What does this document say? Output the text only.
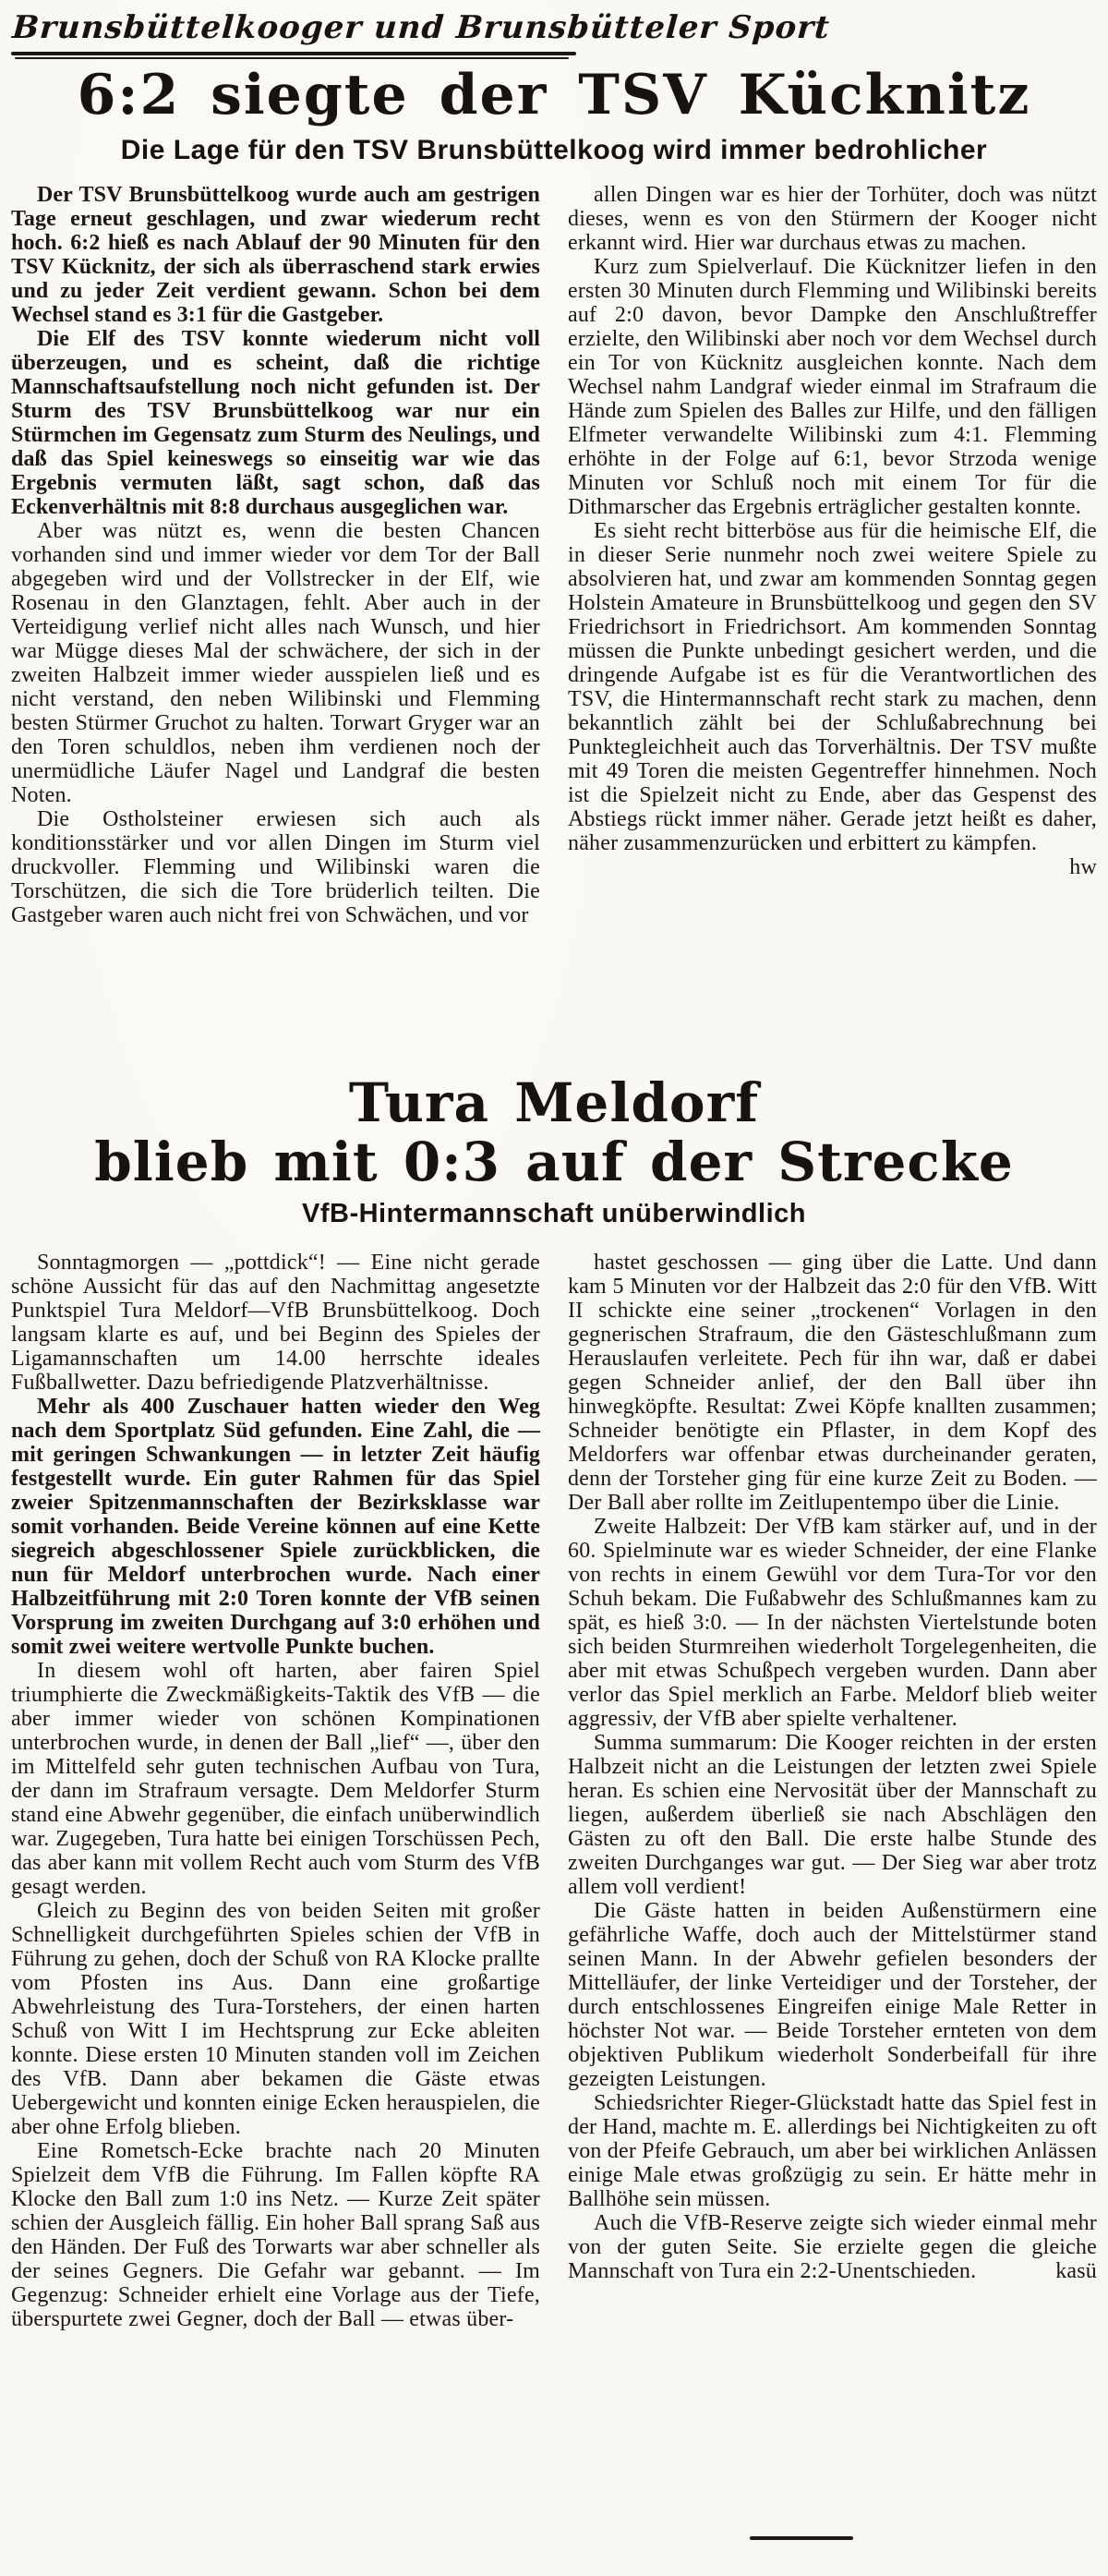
Brunsbüttelkooger und Brunsbütteler Sport
6:2 siegte der TSV Kücknitz
Die Lage für den TSV Brunsbüttelkoog wird immer bedrohlicher

Der TSV Brunsbüttelkoog wurde auch am gestrigen Tage erneut geschlagen, und zwar wiederum recht hoch. 6:2 hieß es nach Ablauf der 90 Minuten für den TSV Kücknitz, der sich als überraschend stark erwies und zu jeder Zeit verdient gewann. Schon bei dem Wechsel stand es 3:1 für die Gastgeber.

Die Elf des TSV konnte wiederum nicht voll überzeugen, und es scheint, daß die richtige Mannschaftsaufstellung noch nicht gefunden ist. Der Sturm des TSV Brunsbüttelkoog war nur ein Stürmchen im Gegensatz zum Sturm des Neulings, und daß das Spiel keineswegs so einseitig war wie das Ergebnis vermuten läßt, sagt schon, daß das Eckenverhältnis mit 8:8 durchaus ausgeglichen war.

Aber was nützt es, wenn die besten Chancen vorhanden sind und immer wieder vor dem Tor der Ball abgegeben wird und der Vollstrecker in der Elf, wie Rosenau in den Glanztagen, fehlt. Aber auch in der Verteidigung verlief nicht alles nach Wunsch, und hier war Mügge dieses Mal der schwächere, der sich in der zweiten Halbzeit immer wieder ausspielen ließ und es nicht verstand, den neben Wilibinski und Flemming besten Stürmer Gruchot zu halten. Torwart Gryger war an den Toren schuldlos, neben ihm verdienen noch der unermüdliche Läufer Nagel und Landgraf die besten Noten.

Die Ostholsteiner erwiesen sich auch als konditionsstärker und vor allen Dingen im Sturm viel druckvoller. Flemming und Wilibinski waren die Torschützen, die sich die Tore brüderlich teilten. Die Gastgeber waren auch nicht frei von Schwächen, und vor

allen Dingen war es hier der Torhüter, doch was nützt dieses, wenn es von den Stürmern der Kooger nicht erkannt wird. Hier war durchaus etwas zu machen.

Kurz zum Spielverlauf. Die Kücknitzer liefen in den ersten 30 Minuten durch Flemming und Wilibinski bereits auf 2:0 davon, bevor Dampke den Anschlußtreffer erzielte, den Wilibinski aber noch vor dem Wechsel durch ein Tor von Kücknitz ausgleichen konnte. Nach dem Wechsel nahm Landgraf wieder einmal im Strafraum die Hände zum Spielen des Balles zur Hilfe, und den fälligen Elfmeter verwandelte Wilibinski zum 4:1. Flemming erhöhte in der Folge auf 6:1, bevor Strzoda wenige Minuten vor Schluß noch mit einem Tor für die Dithmarscher das Ergebnis erträglicher gestalten konnte.

Es sieht recht bitterböse aus für die heimische Elf, die in dieser Serie nunmehr noch zwei weitere Spiele zu absolvieren hat, und zwar am kommenden Sonntag gegen Holstein Amateure in Brunsbüttelkoog und gegen den SV Friedrichsort in Friedrichsort. Am kommenden Sonntag müssen die Punkte unbedingt gesichert werden, und die dringende Aufgabe ist es für die Verantwortlichen des TSV, die Hintermannschaft recht stark zu machen, denn bekanntlich zählt bei der Schlußabrechnung bei Punktegleichheit auch das Torverhältnis. Der TSV mußte mit 49 Toren die meisten Gegentreffer hinnehmen. Noch ist die Spielzeit nicht zu Ende, aber das Gespenst des Abstiegs rückt immer näher. Gerade jetzt heißt es daher, näher zusammenzurücken und erbittert zu kämpfen.
hw

Tura Meldorf
blieb mit 0:3 auf der Strecke
VfB-Hintermannschaft unüberwindlich

Sonntagmorgen — „pottdick“! — Eine nicht gerade schöne Aussicht für das auf den Nachmittag angesetzte Punktspiel Tura Meldorf—VfB Brunsbüttelkoog. Doch langsam klarte es auf, und bei Beginn des Spieles der Ligamannschaften um 14.00 herrschte ideales Fußballwetter. Dazu befriedigende Platzverhältnisse.

Mehr als 400 Zuschauer hatten wieder den Weg nach dem Sportplatz Süd gefunden. Eine Zahl, die — mit geringen Schwankungen — in letzter Zeit häufig festgestellt wurde. Ein guter Rahmen für das Spiel zweier Spitzenmannschaften der Bezirksklasse war somit vorhanden. Beide Vereine können auf eine Kette siegreich abgeschlossener Spiele zurückblicken, die nun für Meldorf unterbrochen wurde. Nach einer Halbzeitführung mit 2:0 Toren konnte der VfB seinen Vorsprung im zweiten Durchgang auf 3:0 erhöhen und somit zwei weitere wertvolle Punkte buchen.

In diesem wohl oft harten, aber fairen Spiel triumphierte die Zweckmäßigkeits-Taktik des VfB — die aber immer wieder von schönen Kompinationen unterbrochen wurde, in denen der Ball „lief“ —, über den im Mittelfeld sehr guten technischen Aufbau von Tura, der dann im Strafraum versagte. Dem Meldorfer Sturm stand eine Abwehr gegenüber, die einfach unüberwindlich war. Zugegeben, Tura hatte bei einigen Torschüssen Pech, das aber kann mit vollem Recht auch vom Sturm des VfB gesagt werden.

Gleich zu Beginn des von beiden Seiten mit großer Schnelligkeit durchgeführten Spieles schien der VfB in Führung zu gehen, doch der Schuß von RA Klocke prallte vom Pfosten ins Aus. Dann eine großartige Abwehrleistung des Tura-Torstehers, der einen harten Schuß von Witt I im Hechtsprung zur Ecke ableiten konnte. Diese ersten 10 Minuten standen voll im Zeichen des VfB. Dann aber bekamen die Gäste etwas Uebergewicht und konnten einige Ecken herauspielen, die aber ohne Erfolg blieben.

Eine Rometsch-Ecke brachte nach 20 Minuten Spielzeit dem VfB die Führung. Im Fallen köpfte RA Klocke den Ball zum 1:0 ins Netz. — Kurze Zeit später schien der Ausgleich fällig. Ein hoher Ball sprang Saß aus den Händen. Der Fuß des Torwarts war aber schneller als der seines Gegners. Die Gefahr war gebannt. — Im Gegenzug: Schneider erhielt eine Vorlage aus der Tiefe, überspurtete zwei Gegner, doch der Ball — etwas über-

hastet geschossen — ging über die Latte. Und dann kam 5 Minuten vor der Halbzeit das 2:0 für den VfB. Witt II schickte eine seiner „trockenen“ Vorlagen in den gegnerischen Strafraum, die den Gästeschlußmann zum Herauslaufen verleitete. Pech für ihn war, daß er dabei gegen Schneider anlief, der den Ball über ihn hinwegköpfte. Resultat: Zwei Köpfe knallten zusammen; Schneider benötigte ein Pflaster, in dem Kopf des Meldorfers war offenbar etwas durcheinander geraten, denn der Torsteher ging für eine kurze Zeit zu Boden. — Der Ball aber rollte im Zeitlupentempo über die Linie.

Zweite Halbzeit: Der VfB kam stärker auf, und in der 60. Spielminute war es wieder Schneider, der eine Flanke von rechts in einem Gewühl vor dem Tura-Tor vor den Schuh bekam. Die Fußabwehr des Schlußmannes kam zu spät, es hieß 3:0. — In der nächsten Viertelstunde boten sich beiden Sturmreihen wiederholt Torgelegenheiten, die aber mit etwas Schußpech vergeben wurden. Dann aber verlor das Spiel merklich an Farbe. Meldorf blieb weiter aggressiv, der VfB aber spielte verhaltener.

Summa summarum: Die Kooger reichten in der ersten Halbzeit nicht an die Leistungen der letzten zwei Spiele heran. Es schien eine Nervosität über der Mannschaft zu liegen, außerdem überließ sie nach Abschlägen den Gästen zu oft den Ball. Die erste halbe Stunde des zweiten Durchganges war gut. — Der Sieg war aber trotz allem voll verdient!

Die Gäste hatten in beiden Außenstürmern eine gefährliche Waffe, doch auch der Mittelstürmer stand seinen Mann. In der Abwehr gefielen besonders der Mittelläufer, der linke Verteidiger und der Torsteher, der durch entschlossenes Eingreifen einige Male Retter in höchster Not war. — Beide Torsteher ernteten von dem objektiven Publikum wiederholt Sonderbeifall für ihre gezeigten Leistungen.

Schiedsrichter Rieger-Glückstadt hatte das Spiel fest in der Hand, machte m. E. allerdings bei Nichtigkeiten zu oft von der Pfeife Gebrauch, um aber bei wirklichen Anlässen einige Male etwas großzügig zu sein. Er hätte mehr in Ballhöhe sein müssen.

Auch die VfB-Reserve zeigte sich wieder einmal mehr von der guten Seite. Sie erzielte gegen die gleiche Mannschaft von Tura ein 2:2-Unentschieden.	kasü
